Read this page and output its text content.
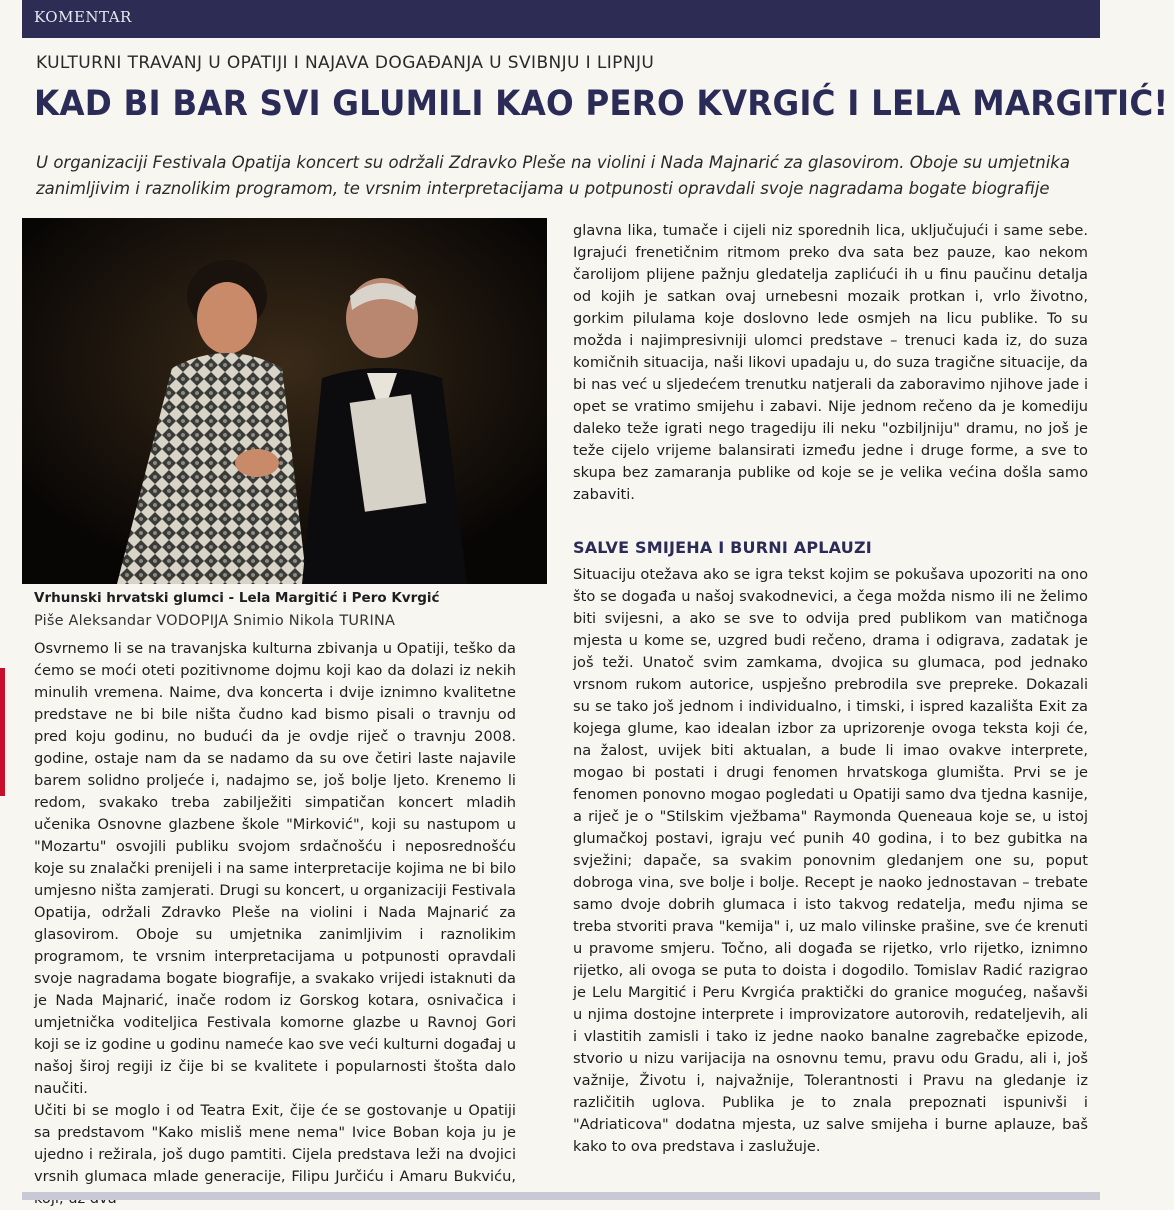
KOMENTAR
KULTURNI TRAVANJ U OPATIJI I NAJAVA DOGAĐANJA U SVIBNJU I LIPNJU
KAD BI BAR SVI GLUMILI KAO PERO KVRGIĆ I LELA MARGITIĆ!
U organizaciji Festivala Opatija koncert su održali Zdravko Pleše na violini i Nada Majnarić za glasovirom. Oboje su umjetnika zanimljivim i raznolikim programom, te vrsnim interpretacijama u potpunosti opravdali svoje nagradama bogate biografije
Vrhunski hrvatski glumci - Lela Margitić i Pero Kvrgić
Piše Aleksandar VODOPIJA Snimio Nikola TURINA

Osvrnemo li se na travanjska kulturna zbivanja u Opatiji, teško da ćemo se moći oteti pozitivnome dojmu koji kao da dolazi iz nekih minulih vremena. Naime, dva koncerta i dvije iznimno kvalitetne predstave ne bi bile ništa čudno kad bismo pisali o travnju od pred koju godinu, no budući da je ovdje riječ o travnju 2008. godine, ostaje nam da se nadamo da su ove četiri laste najavile barem solidno proljeće i, nadajmo se, još bolje ljeto. Krenemo li redom, svakako treba zabilježiti simpatičan koncert mladih učenika Osnovne glazbene škole "Mirković", koji su nastupom u "Mozartu" osvojili publiku svojom srdačnošću i neposrednošću koje su znalački prenijeli i na same interpretacije kojima ne bi bilo umjesno ništa zamjerati. Drugi su koncert, u organizaciji Festivala Opatija, održali Zdravko Pleše na violini i Nada Majnarić za glasovirom. Oboje su umjetnika zanimljivim i raznolikim programom, te vrsnim interpretacijama u potpunosti opravdali svoje nagradama bogate biografije, a svakako vrijedi istaknuti da je Nada Majnarić, inače rodom iz Gorskog kotara, osnivačica i umjetnička voditeljica Festivala komorne glazbe u Ravnoj Gori koji se iz godine u godinu nameće kao sve veći kulturni događaj u našoj široj regiji iz čije bi se kvalitete i popularnosti štošta dalo naučiti.

Učiti bi se moglo i od Teatra Exit, čije će se gostovanje u Opatiji sa predstavom "Kako misliš mene nema" Ivice Boban koja ju je ujedno i režirala, još dugo pamtiti. Cijela predstava leži na dvojici vrsnih glumaca mlade generacije, Filipu Jurčiću i Amaru Bukviću,

glavna lika, tumače i cijeli niz sporednih lica, uključujući i same sebe. Igrajući frenetičnim ritmom preko dva sata bez pauze, kao nekom čarolijom plijene pažnju gledatelja zaplićući ih u finu paučinu detalja od kojih je satkan ovaj urnebesni mozaik protkan i, vrlo životno, gorkim pilulama koje doslovno lede osmjeh na licu publike. To su možda i najimpresivniji ulomci predstave – trenuci kada iz, do suza komičnih situacija, naši likovi upadaju u, do suza tragične situacije, da bi nas već u sljedećem trenutku natjerali da zaboravimo njihove jade i opet se vratimo smijehu i zabavi. Nije jednom rečeno da je komediju daleko teže igrati nego tragediju ili neku "ozbiljniju" dramu, no još je teže cijelo vrijeme balansirati između jedne i druge forme, a sve to skupa bez zamaranja publike od koje se je velika većina došla samo zabaviti.

SALVE SMIJEHA I BURNI APLAUZI

Situaciju otežava ako se igra tekst kojim se pokušava upozoriti na ono što se događa u našoj svakodnevici, a čega možda nismo ili ne želimo biti svijesni, a ako se sve to odvija pred publikom van matičnoga mjesta u kome se, uzgred budi rečeno, drama i odigrava, zadatak je još teži. Unatoč svim zamkama, dvojica su glumaca, pod jednako vrsnom rukom autorice, uspješno prebrodila sve prepreke. Dokazali su se tako još jednom i individualno, i timski, i ispred kazališta Exit za kojega glume, kao idealan izbor za uprizorenje ovoga teksta koji će, na žalost, uvijek biti aktualan, a bude li imao ovakve interprete, mogao bi postati i drugi fenomen hrvatskoga glumišta. Prvi se je fenomen ponovno mogao pogledati u Opatiji samo dva tjedna kasnije, a riječ je o "Stilskim vježbama" Raymonda Queneaua koje se, u istoj glumačkoj postavi, igraju već punih 40 godina, i to bez gubitka na svježini; dapače, sa svakim ponovnim gledanjem one su, poput dobroga vina, sve bolje i bolje. Recept je naoko jednostavan – trebate samo dvoje dobrih glumaca i isto takvog redatelja, među njima se treba stvoriti prava "kemija" i, uz malo vilinske prašine, sve će krenuti u pravome smjeru. Točno, ali događa se rijetko, vrlo rijetko, iznimno rijetko, ali ovoga se puta to doista i dogodilo. Tomislav Radić razigrao je Lelu Margitić i Peru Kvrgića praktički do granice mogućeg, našavši u njima dostojne interprete i improvizatore autorovih, redateljevih, ali i vlastitih zamisli i tako iz jedne naoko banalne zagrebačke epizode, stvorio u nizu varijacija na osnovnu temu, pravu odu Gradu, ali i, još važnije, Životu i, najvažnije, Tolerantnosti i Pravu na gledanje iz različitih uglova. Publika je to znala prepoznati ispunivši i "Adriaticova" dodatna mjesta, uz salve smijeha i burne aplauze, baš kako to ova predstava i zaslužuje.
